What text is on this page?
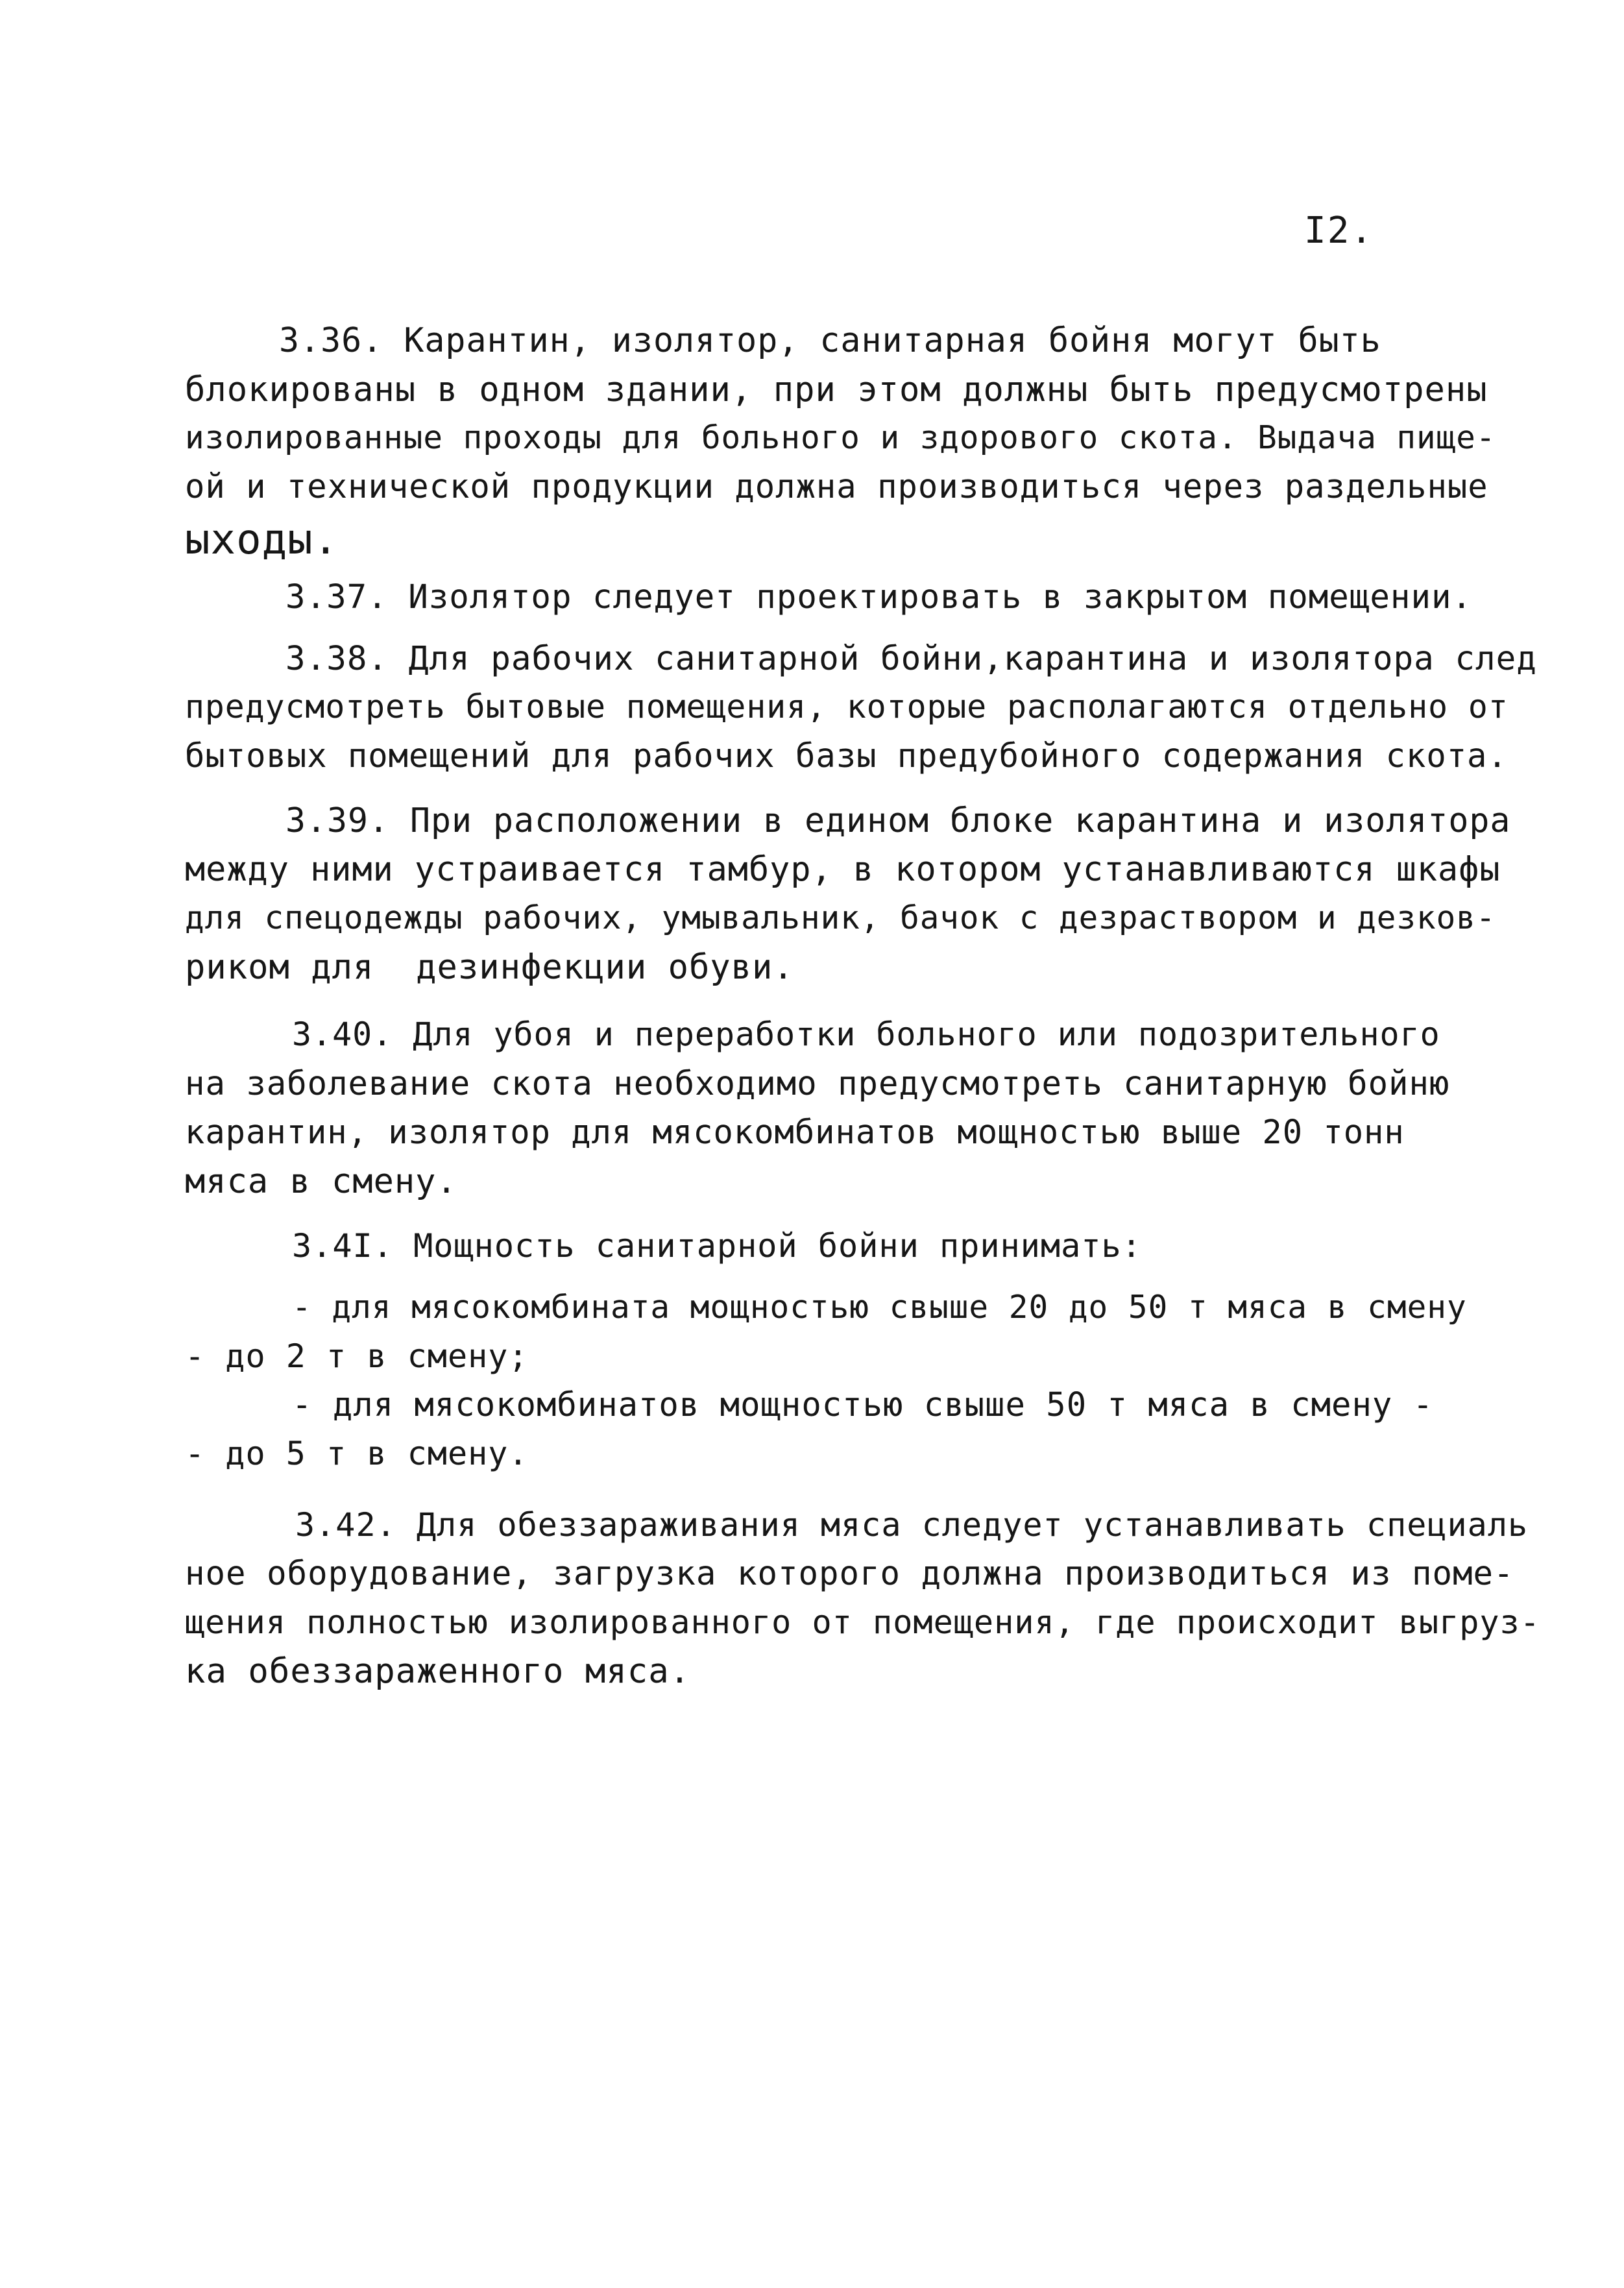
I2.
3.36. Карантин, изолятор, санитарная бойня могут быть
блокированы в одном здании, при этом должны быть предусмотрены
изолированные проходы для больного и здорового скота. Выдача пище-
ой и технической продукции должна производиться через раздельные
ыходы.
3.37. Изолятор следует проектировать в закрытом помещении.
3.38. Для рабочих санитарной бойни,карантина и изолятора след
предусмотреть бытовые помещения, которые располагаются отдельно от
бытовых помещений для рабочих базы предубойного содержания скота.
3.39. При расположении в едином блоке карантина и изолятора
между ними устраивается тамбур, в котором устанавливаются шкафы
для спецодежды рабочих, умывальник, бачок с дезраствором и дезков-
риком для  дезинфекции обуви.
3.40. Для убоя и переработки больного или подозрительного
на заболевание скота необходимо предусмотреть санитарную бойню
карантин, изолятор для мясокомбинатов мощностью выше 20 тонн
мяса в смену.
3.4I. Мощность санитарной бойни принимать:
- для мясокомбината мощностью свыше 20 до 50 т мяса в смену
- до 2 т в смену;
- для мясокомбинатов мощностью свыше 50 т мяса в смену -
- до 5 т в смену.
3.42. Для обеззараживания мяса следует устанавливать специаль
ное оборудование, загрузка которого должна производиться из поме-
щения полностью изолированного от помещения, где происходит выгруз-
ка обеззараженного мяса.
